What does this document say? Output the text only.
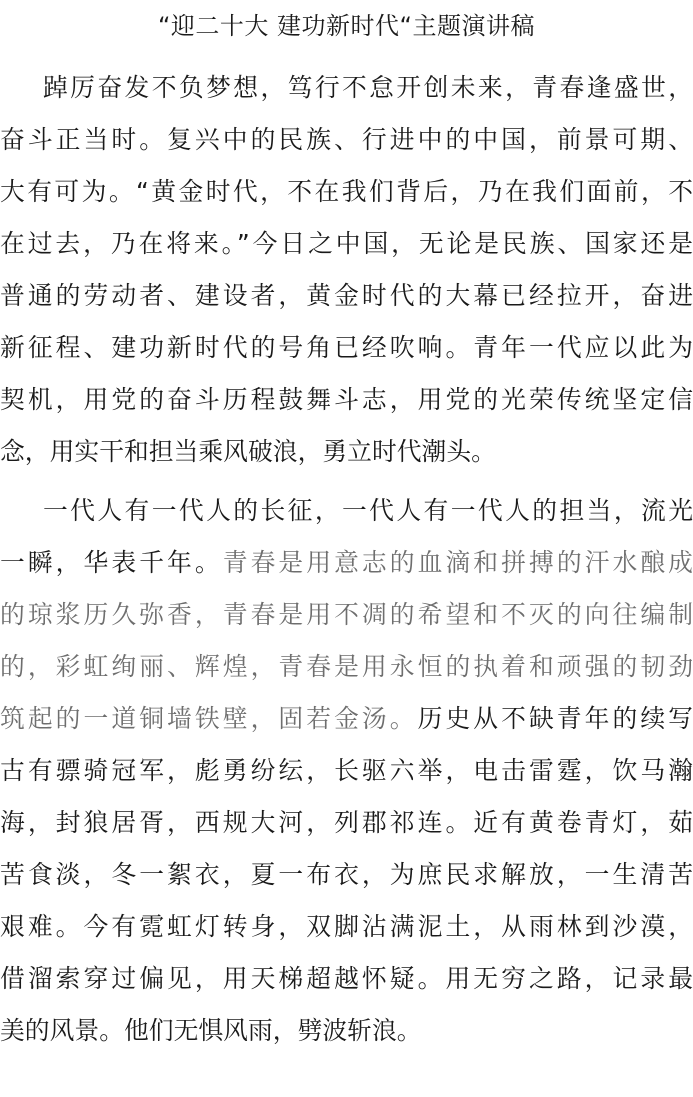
“迎二十大 建功新时代“主题演讲稿
踔厉奋发不负梦想，笃行不怠开创未来，青春逢盛世，
奋斗正当时。复兴中的民族、行进中的中国，前景可期、
大有可为。“黄金时代，不在我们背后，乃在我们面前，不
在过去，乃在将来。”今日之中国，无论是民族、国家还是
普通的劳动者、建设者，黄金时代的大幕已经拉开，奋进
新征程、建功新时代的号角已经吹响。青年一代应以此为
契机，用党的奋斗历程鼓舞斗志，用党的光荣传统坚定信
念，用实干和担当乘风破浪，勇立时代潮头。
一代人有一代人的长征，一代人有一代人的担当，流光
一瞬，华表千年。青春是用意志的血滴和拼搏的汗水酿成
的琼浆历久弥香，青春是用不凋的希望和不灭的向往编制
的，彩虹绚丽、辉煌，青春是用永恒的执着和顽强的韧劲
筑起的一道铜墙铁壁，固若金汤。历史从不缺青年的续写
古有骠骑冠军，彪勇纷纭，长驱六举，电击雷霆，饮马瀚
海，封狼居胥，西规大河，列郡祁连。近有黄卷青灯，茹
苦食淡，冬一絮衣，夏一布衣，为庶民求解放，一生清苦
艰难。今有霓虹灯转身，双脚沾满泥土，从雨林到沙漠，
借溜索穿过偏见，用天梯超越怀疑。用无穷之路，记录最
美的风景。他们无惧风雨，劈波斩浪。
